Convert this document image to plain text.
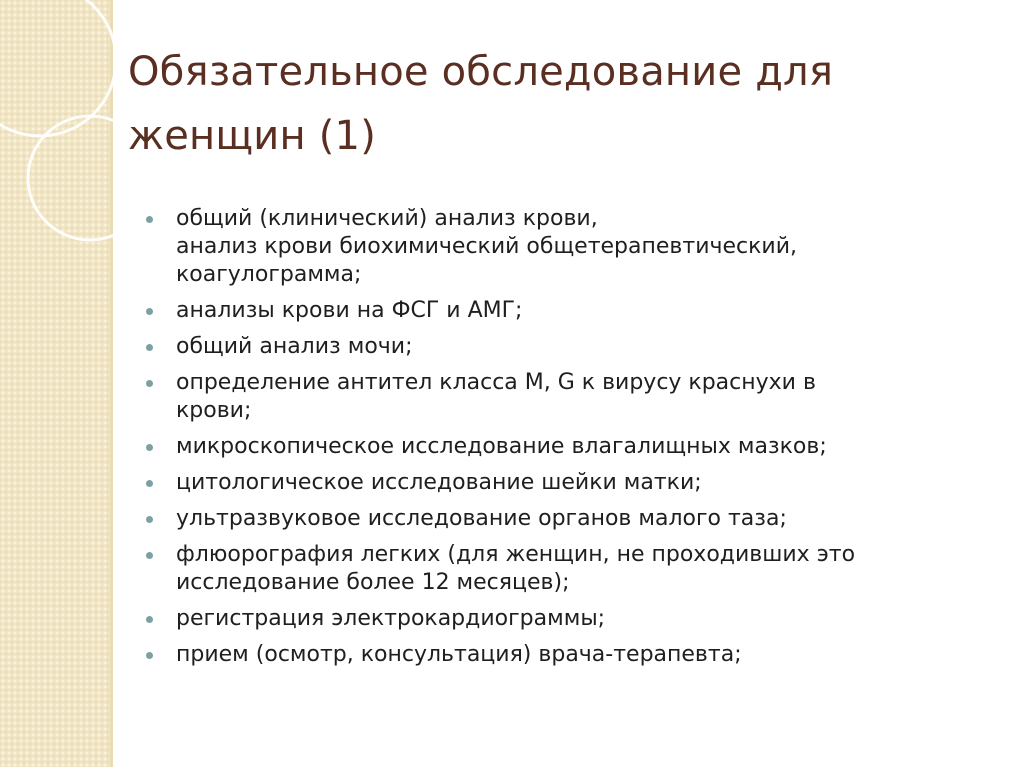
Обязательное обследование для
женщин (1)
общий (клинический) анализ крови,
анализ крови биохимический общетерапевтический,
коагулограмма;
анализы крови на ФСГ и АМГ;
общий анализ мочи;
определение антител класса M, G к вирусу краснухи в
крови;
микроскопическое исследование влагалищных мазков;
цитологическое исследование шейки матки;
ультразвуковое исследование органов малого таза;
флюорография легких (для женщин, не проходивших это
исследование более 12 месяцев);
регистрация электрокардиограммы;
прием (осмотр, консультация) врача-терапевта;
